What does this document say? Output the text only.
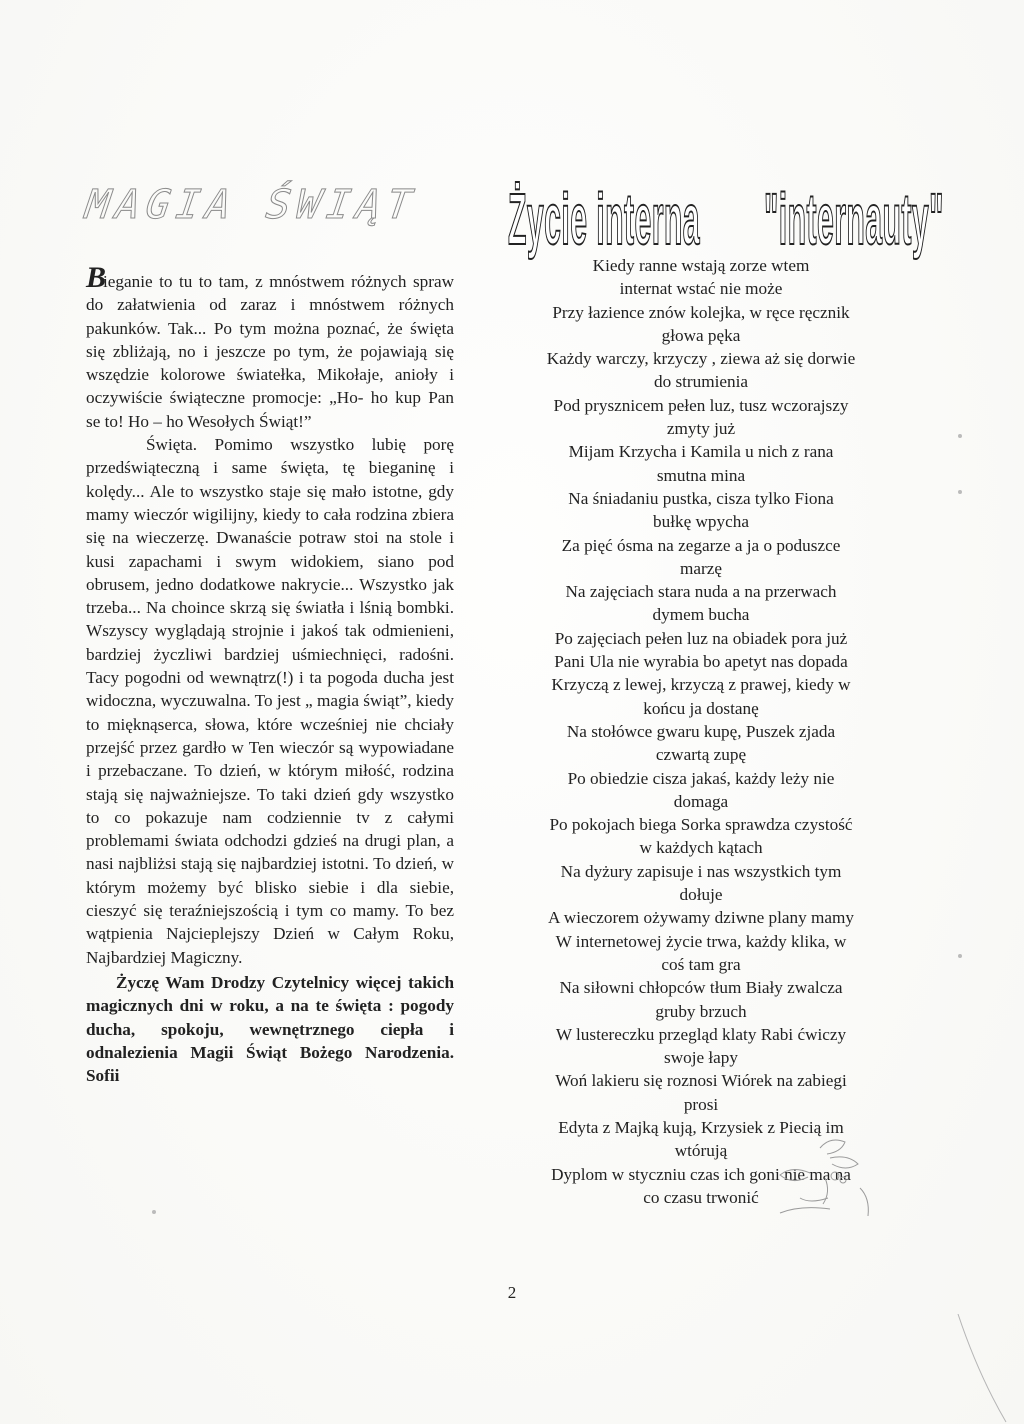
MAGIA ŚWIĄT

Bieganie to tu to tam, z mnóstwem różnych spraw do załatwienia od zaraz i mnóstwem różnych pakunków. Tak... Po tym można poznać, że święta się zbliżają, no i jeszcze po tym, że pojawiają się wszędzie kolorowe światełka, Mikołaje, anioły i oczywiście świąteczne promocje: „Ho- ho kup Pan se to! Ho – ho Wesołych Świąt!”

Święta. Pomimo wszystko lubię porę przedświąteczną i same święta, tę bieganinę i kolędy... Ale to wszystko staje się mało istotne, gdy mamy wieczór wigilijny, kiedy to cała rodzina zbiera się na wieczerzę. Dwanaście potraw stoi na stole i kusi zapachami i swym widokiem, siano pod obrusem, jedno dodatkowe nakrycie... Wszystko jak trzeba... Na choince skrzą się światła i lśnią bombki. Wszyscy wyglądają strojnie i jakoś tak odmienieni, bardziej życzliwi bardziej uśmiechnięci, radośni. Tacy pogodni od wewnątrz(!) i ta pogoda ducha jest widoczna, wyczuwalna. To jest „ magia świąt”, kiedy to mięknąserca, słowa, które wcześniej nie chciały przejść przez gardło w Ten wieczór są wypowiadane i przebaczane. To dzień, w którym miłość, rodzina stają się najważniejsze. To taki dzień gdy wszystko to co pokazuje nam codziennie tv z całymi problemami świata odchodzi gdzieś na drugi plan, a nasi najbliżsi stają się najbardziej istotni. To dzień, w którym możemy być blisko siebie i dla siebie, cieszyć się teraźniejszością i tym co mamy. To bez wątpienia Najcieplejszy Dzień w Całym Roku, Najbardziej Magiczny.

Życzę Wam Drodzy Czytelnicy więcej takich magicznych dni w roku, a na te święta : pogody ducha, spokoju, wewnętrznego ciepła i odnalezienia Magii Świąt Bożego Narodzenia. Sofii

Życie interna "internauty"
Kiedy ranne wstają zorze wtem
internat wstać nie może
Przy łazience znów kolejka, w ręce ręcznik
głowa pęka
Każdy warczy, krzyczy , ziewa aż się dorwie
do strumienia
Pod prysznicem pełen luz, tusz wczorajszy
zmyty już
Mijam Krzycha i Kamila u nich z rana
smutna mina
Na śniadaniu pustka, cisza tylko Fiona
bułkę wpycha
Za pięć ósma na zegarze a ja o poduszce
marzę
Na zajęciach stara nuda a na przerwach
dymem bucha
Po zajęciach pełen luz na obiadek pora już
Pani Ula nie wyrabia bo apetyt nas dopada
Krzyczą z lewej, krzyczą z prawej, kiedy w
końcu ja dostanę
Na stołówce gwaru kupę, Puszek zjada
czwartą zupę
Po obiedzie cisza jakaś, każdy leży nie
domaga
Po pokojach biega Sorka sprawdza czystość
w każdych kątach
Na dyżury zapisuje i nas wszystkich tym
dołuje
A wieczorem ożywamy dziwne plany mamy
W internetowej życie trwa, każdy klika, w
coś tam gra
Na siłowni chłopców tłum Biały zwalcza
gruby brzuch
W lustereczku przegląd klaty Rabi ćwiczy
swoje łapy
Woń lakieru się roznosi Wiórek na zabiegi
prosi
Edyta z Majką kują, Krzysiek z Piecią im
wtórują
Dyplom w styczniu czas ich goni nie ma na
co czasu trwonić
2
